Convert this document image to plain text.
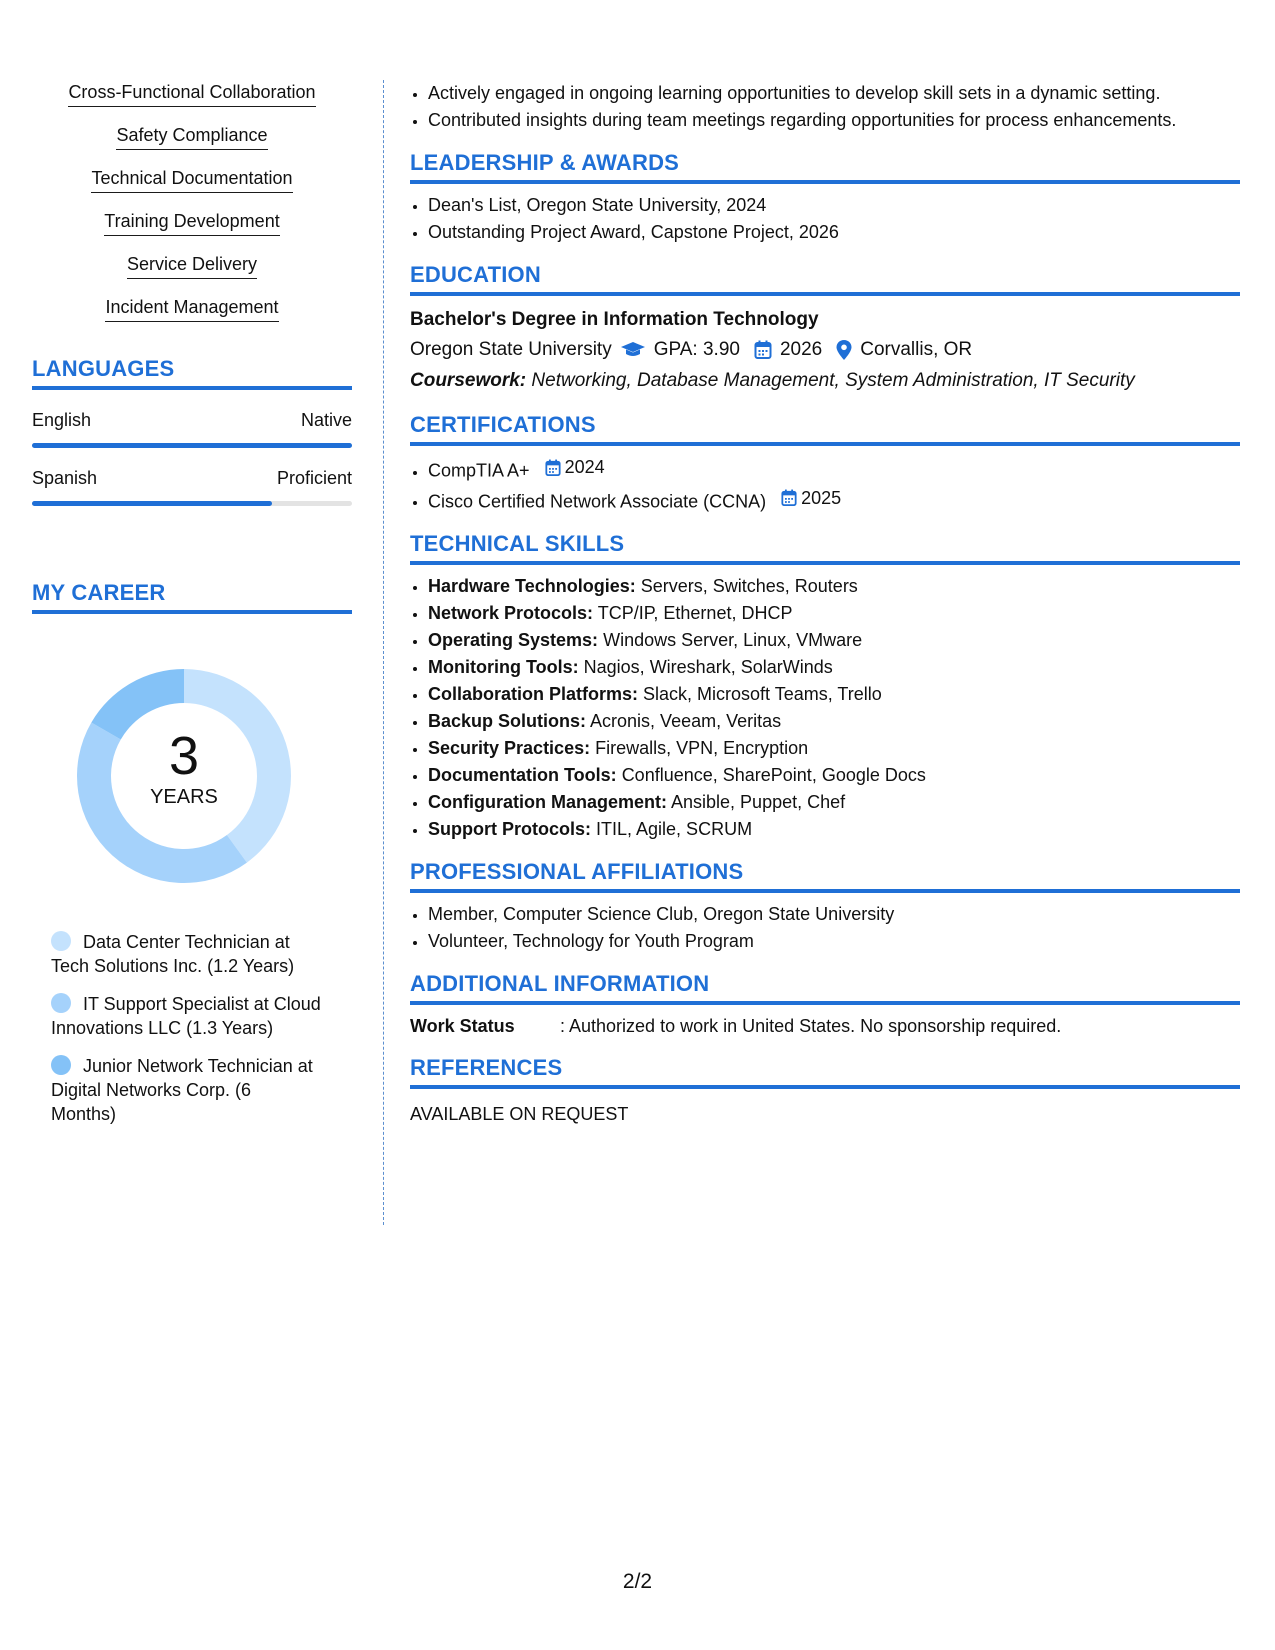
Cross-Functional Collaboration
Safety Compliance
Technical Documentation
Training Development
Service Delivery
Incident Management
LANGUAGES
English	Native
Spanish	Proficient
MY CAREER
3
YEARS
Data Center Technician at Tech Solutions Inc. (1.2 Years)
IT Support Specialist at Cloud Innovations LLC (1.3 Years)
Junior Network Technician at Digital Networks Corp. (6 Months)
• Actively engaged in ongoing learning opportunities to develop skill sets in a dynamic setting.
• Contributed insights during team meetings regarding opportunities for process enhancements.
LEADERSHIP & AWARDS
• Dean's List, Oregon State University, 2024
• Outstanding Project Award, Capstone Project, 2026
EDUCATION
Bachelor's Degree in Information Technology
Oregon State University GPA: 3.90 2026 Corvallis, OR
Coursework: Networking, Database Management, System Administration, IT Security
CERTIFICATIONS
• CompTIA A+ 2024
• Cisco Certified Network Associate (CCNA) 2025
TECHNICAL SKILLS
• Hardware Technologies: Servers, Switches, Routers
• Network Protocols: TCP/IP, Ethernet, DHCP
• Operating Systems: Windows Server, Linux, VMware
• Monitoring Tools: Nagios, Wireshark, SolarWinds
• Collaboration Platforms: Slack, Microsoft Teams, Trello
• Backup Solutions: Acronis, Veeam, Veritas
• Security Practices: Firewalls, VPN, Encryption
• Documentation Tools: Confluence, SharePoint, Google Docs
• Configuration Management: Ansible, Puppet, Chef
• Support Protocols: ITIL, Agile, SCRUM
PROFESSIONAL AFFILIATIONS
• Member, Computer Science Club, Oregon State University
• Volunteer, Technology for Youth Program
ADDITIONAL INFORMATION
Work Status	: Authorized to work in United States. No sponsorship required.
REFERENCES
AVAILABLE ON REQUEST
2/2
